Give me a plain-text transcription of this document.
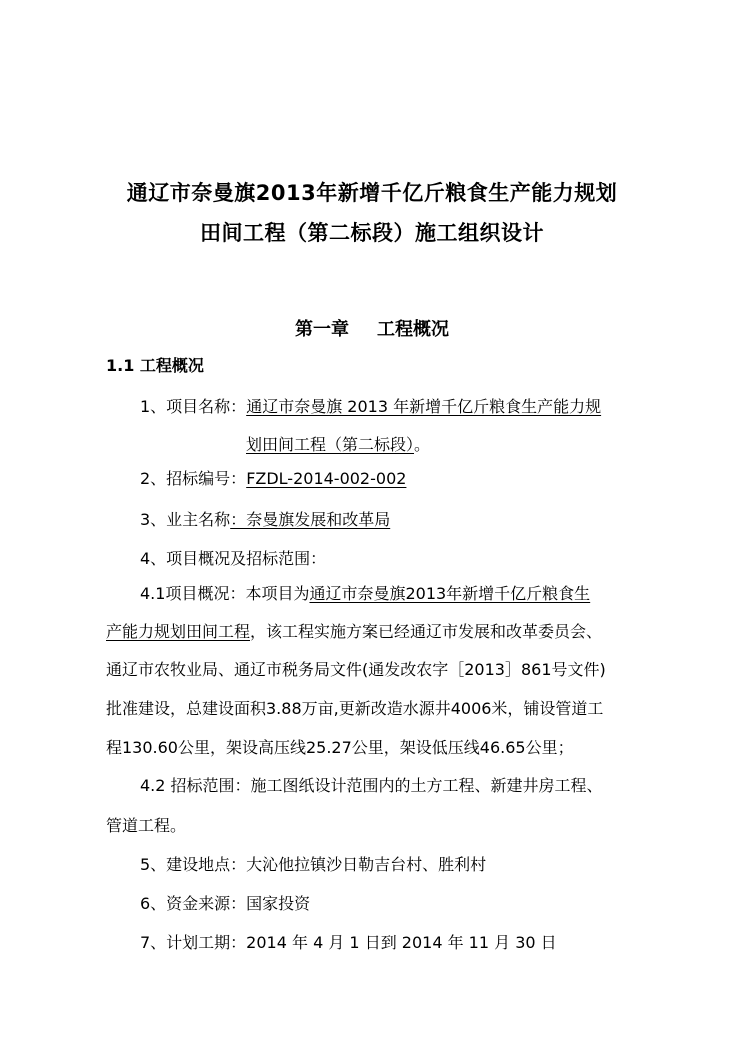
通辽市奈曼旗2013年新增千亿斤粮食生产能力规划
田间工程（第二标段）施工组织设计
第一章 工程概况
1.1 工程概况
1、项目名称：通辽市奈曼旗 2013 年新增千亿斤粮食生产能力规
划田间工程（第二标段）。
2、招标编号：FZDL-2014-002-002
3、业主名称：奈曼旗发展和改革局
4、项目概况及招标范围：
4.1项目概况：本项目为通辽市奈曼旗2013年新增千亿斤粮食生
产能力规划田间工程，该工程实施方案已经通辽市发展和改革委员会、
通辽市农牧业局、通辽市税务局文件(通发改农字［2013］861号文件)
批准建设，总建设面积3.88万亩,更新改造水源井4006米，铺设管道工
程130.60公里，架设高压线25.27公里，架设低压线46.65公里；
4.2 招标范围：施工图纸设计范围内的土方工程、新建井房工程、
管道工程。
5、建设地点：大沁他拉镇沙日勒吉台村、胜利村
6、资金来源：国家投资
7、计划工期：2014 年 4 月 1 日到 2014 年 11 月 30 日
